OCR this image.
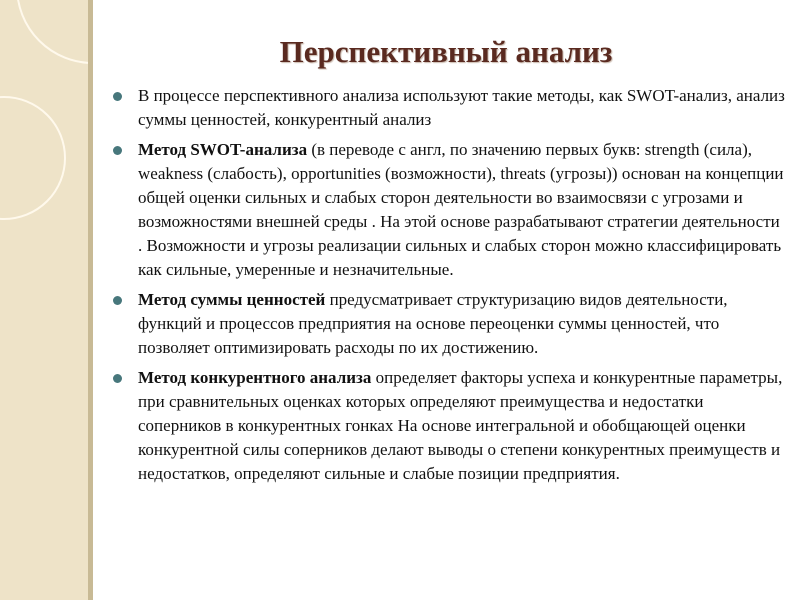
Перспективный анализ
В процессе перспективного анализа используют такие методы, как SWOT-анализ, анализ суммы ценностей, конкурентный анализ
Метод SWOT-анализа (в переводе с англ, по значению первых букв: strength (сила), weakness (слабость), opportunities (возможности), threats (угрозы)) основан на концепции общей оценки сильных и слабых сторон деятельности во взаимосвязи с угрозами и возможностями внешней среды . На этой основе разрабатывают стратегии деятельности . Возможности и угрозы реализации сильных и слабых сторон можно классифицировать как сильные, умеренные и незначительные.
Метод суммы ценностей предусматривает структуризацию видов деятельности, функций и процессов предприятия на основе переоценки суммы ценностей, что позволяет оптимизировать расходы по их достижению.
Метод конкурентного анализа определяет факторы успеха и конкурентные параметры, при сравнительных оценках которых определяют преимущества и недостатки соперников в конкурентных гонках На основе интегральной и обобщающей оценки конкурентной силы соперников делают выводы о степени конкурентных преимуществ и недостатков, определяют сильные и слабые позиции предприятия.
